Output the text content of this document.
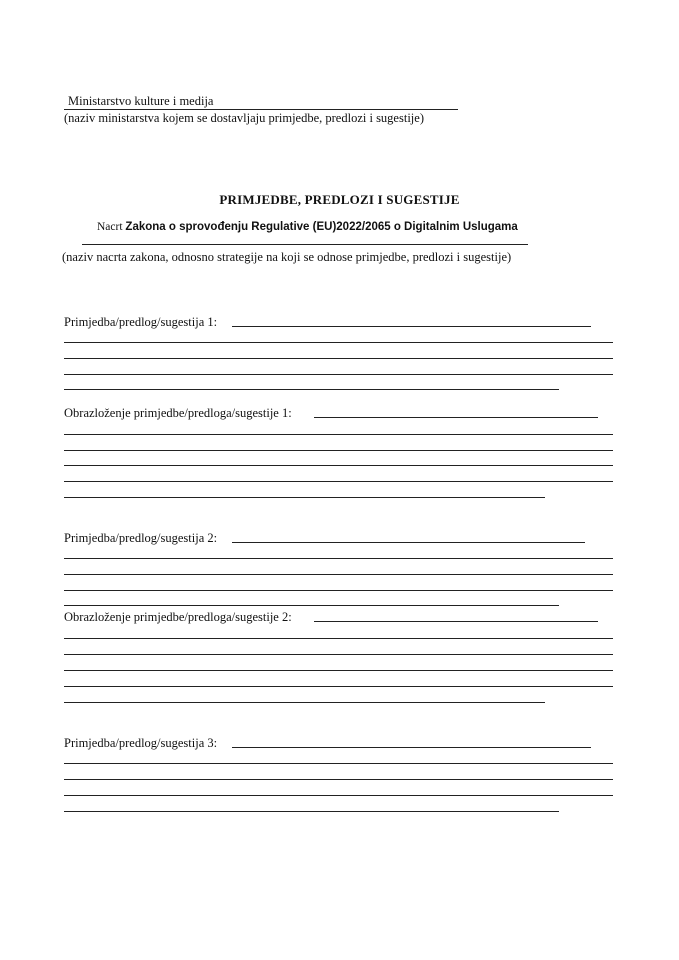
Ministarstvo kulture i medija
(naziv ministarstva kojem se dostavljaju primjedbe, predlozi i sugestije)
PRIMJEDBE, PREDLOZI I SUGESTIJE
Nacrt Zakona o sprovođenju Regulative (EU)2022/2065 o Digitalnim Uslugama
(naziv nacrta zakona, odnosno strategije na koji se odnose primjedbe, predlozi i sugestije)
Primjedba/predlog/sugestija 1:
Obrazloženje primjedbe/predloga/sugestije 1:
Primjedba/predlog/sugestija 2:
Obrazloženje primjedbe/predloga/sugestije 2:
Primjedba/predlog/sugestija 3:
